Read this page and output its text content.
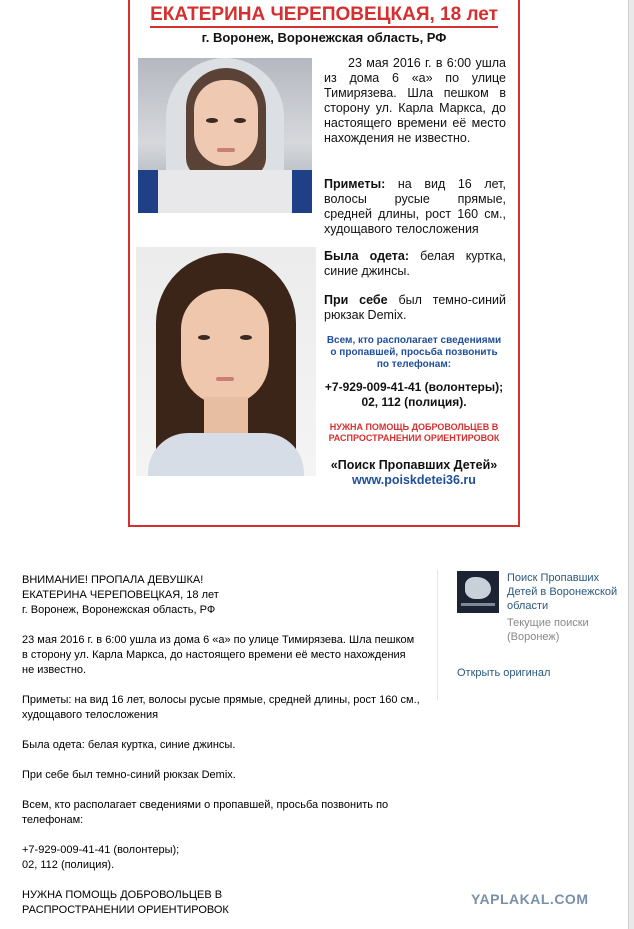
ЕКАТЕРИНА ЧЕРЕПОВЕЦКАЯ, 18 лет
г. Воронеж, Воронежская область, РФ
23 мая 2016 г. в 6:00 ушла из дома 6 «а» по улице Тимирязева. Шла пешком в сторону ул. Карла Маркса, до настоящего времени её место нахождения не известно.
Приметы: на вид 16 лет, волосы русые прямые, средней длины, рост 160 см., худощавого телосложения
Была одета: белая куртка, синие джинсы.
При себе был темно-синий рюкзак Demix.
Всем, кто располагает сведениями о пропавшей, просьба позвонить по телефонам:
+7-929-009-41-41 (волонтеры);
02, 112 (полиция).
НУЖНА ПОМОЩЬ ДОБРОВОЛЬЦЕВ В РАСПРОСТРАНЕНИИ ОРИЕНТИРОВОК
«Поиск Пропавших Детей»
www.poiskdetei36.ru

ВНИМАНИЕ! ПРОПАЛА ДЕВУШКА!

ЕКАТЕРИНА ЧЕРЕПОВЕЦКАЯ, 18 лет

г. Воронеж, Воронежская область, РФ

23 мая 2016 г. в 6:00 ушла из дома 6 «а» по улице Тимирязева. Шла пешком в сторону ул. Карла Маркса, до настоящего времени её место нахождения не известно.

Приметы: на вид 16 лет, волосы русые прямые, средней длины, рост 160 см., худощавого телосложения

Была одета: белая куртка, синие джинсы.

При себе был темно-синий рюкзак Demix.

Всем, кто располагает сведениями о пропавшей, просьба позвонить по телефонам:

+7-929-009-41-41 (волонтеры);

02, 112 (полиция).

НУЖНА ПОМОЩЬ ДОБРОВОЛЬЦЕВ В

РАСПРОСТРАНЕНИИ ОРИЕНТИРОВОК

Поиск Пропавших Детей в Воронежской области
Текущие поиски (Воронеж)
Открыть оригинал
YAPLAKAL.COM
